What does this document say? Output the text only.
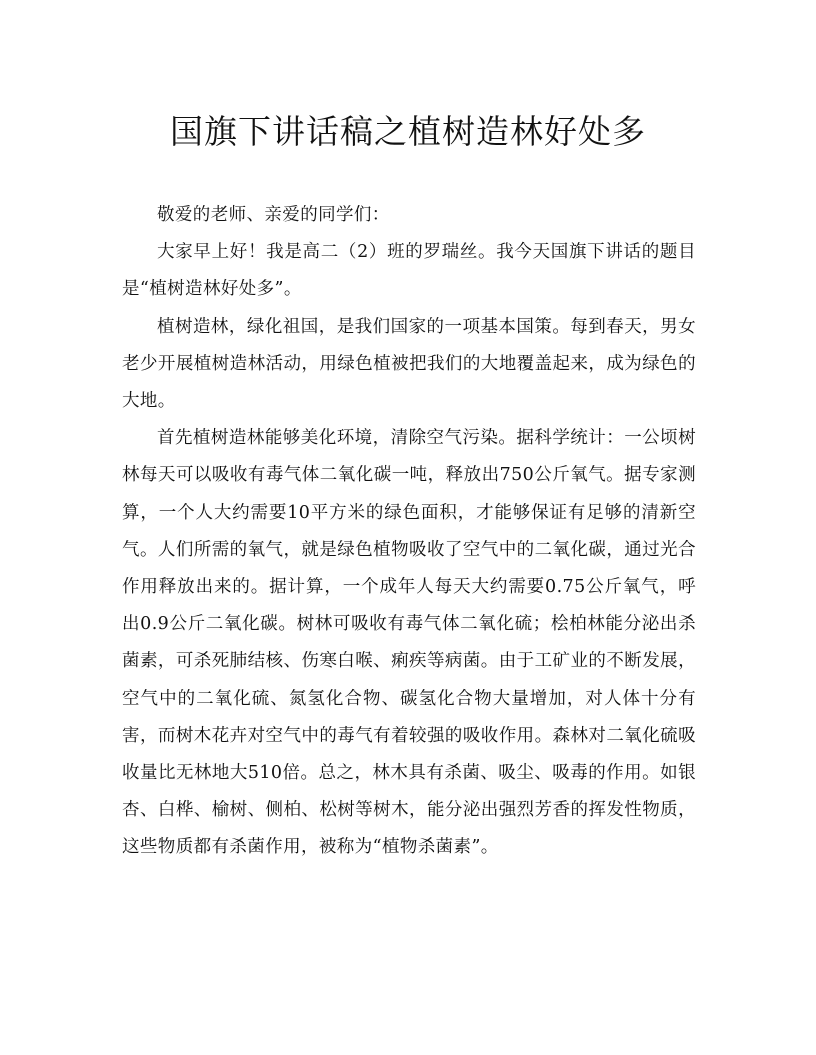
国旗下讲话稿之植树造林好处多

敬爱的老师、亲爱的同学们：

大家早上好！我是高二（2）班的罗瑞丝。我今天国旗下讲话的题目是“植树造林好处多”。

植树造林，绿化祖国，是我们国家的一项基本国策。每到春天，男女老少开展植树造林活动，用绿色植被把我们的大地覆盖起来，成为绿色的大地。

首先植树造林能够美化环境，清除空气污染。据科学统计：一公顷树林每天可以吸收有毒气体二氧化碳一吨，释放出750公斤氧气。据专家测算，一个人大约需要10平方米的绿色面积，才能够保证有足够的清新空气。人们所需的氧气，就是绿色植物吸收了空气中的二氧化碳，通过光合作用释放出来的。据计算，一个成年人每天大约需要0.75公斤氧气，呼出0.9公斤二氧化碳。树林可吸收有毒气体二氧化硫；桧柏林能分泌出杀菌素，可杀死肺结核、伤寒白喉、痢疾等病菌。由于工矿业的不断发展，空气中的二氧化硫、氮氢化合物、碳氢化合物大量增加，对人体十分有害，而树木花卉对空气中的毒气有着较强的吸收作用。森林对二氧化硫吸收量比无林地大510倍。总之，林木具有杀菌、吸尘、吸毒的作用。如银杏、白桦、榆树、侧柏、松树等树木，能分泌出强烈芳香的挥发性物质，这些物质都有杀菌作用，被称为“植物杀菌素”。
